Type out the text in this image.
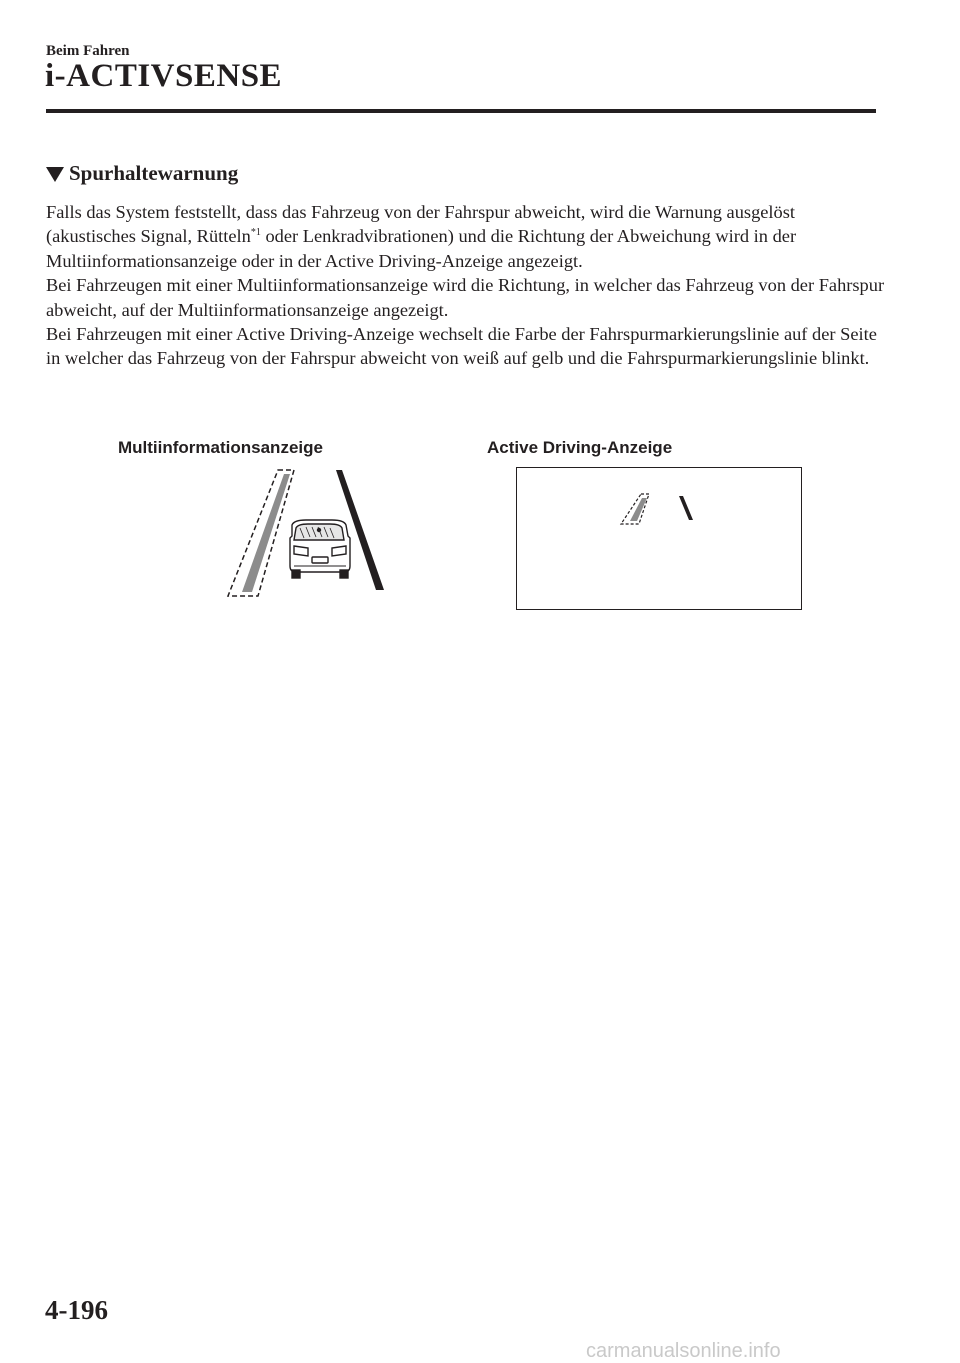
Beim Fahren
i-ACTIVSENSE
Spurhaltewarnung

Falls das System feststellt, dass das Fahrzeug von der Fahrspur abweicht, wird die Warnung ausgelöst (akustisches Signal, Rütteln$^{*1}$ oder Lenkradvibrationen) und die Richtung der Abweichung wird in der Multiinformationsanzeige oder in der Active Driving-Anzeige angezeigt.

Bei Fahrzeugen mit einer Multiinformationsanzeige wird die Richtung, in welcher das Fahrzeug von der Fahrspur abweicht, auf der Multiinformationsanzeige angezeigt.

Bei Fahrzeugen mit einer Active Driving-Anzeige wechselt die Farbe der Fahrspurmarkierungslinie auf der Seite in welcher das Fahrzeug von der Fahrspur abweicht von weiß auf gelb und die Fahrspurmarkierungslinie blinkt.

Multiinformationsanzeige	Active Driving-Anzeige
4-196
carmanualsonline.info
